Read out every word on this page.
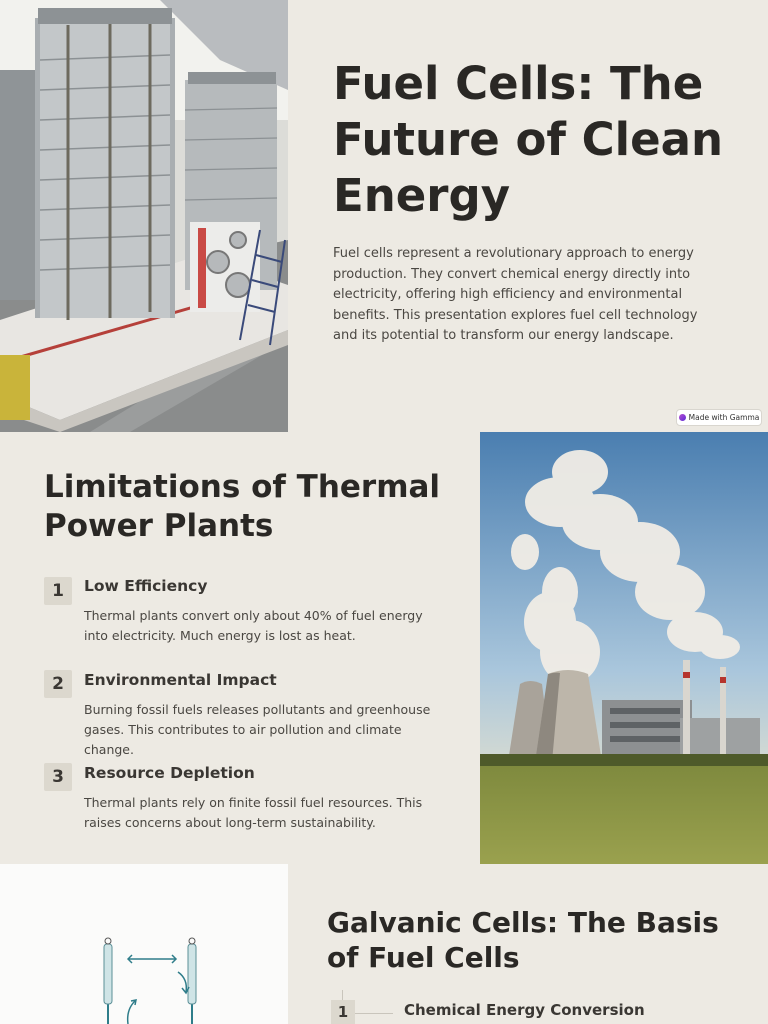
Fuel Cells: The Future of Clean Energy

Fuel cells represent a revolutionary approach to energy production. They convert chemical energy directly into electricity, offering high efficiency and environmental benefits. This presentation explores fuel cell technology and its potential to transform our energy landscape.

Made with Gamma
Limitations of Thermal Power Plants
1	Low Efficiency

Thermal plants convert only about 40% of fuel energy into electricity. Much energy is lost as heat.

2	Environmental Impact

Burning fossil fuels releases pollutants and greenhouse gases. This contributes to air pollution and climate change.

3	Resource Depletion

Thermal plants rely on finite fossil fuel resources. This raises concerns about long-term sustainability.

Galvanic Cells: The Basis of Fuel Cells
1	Chemical Energy Conversion
